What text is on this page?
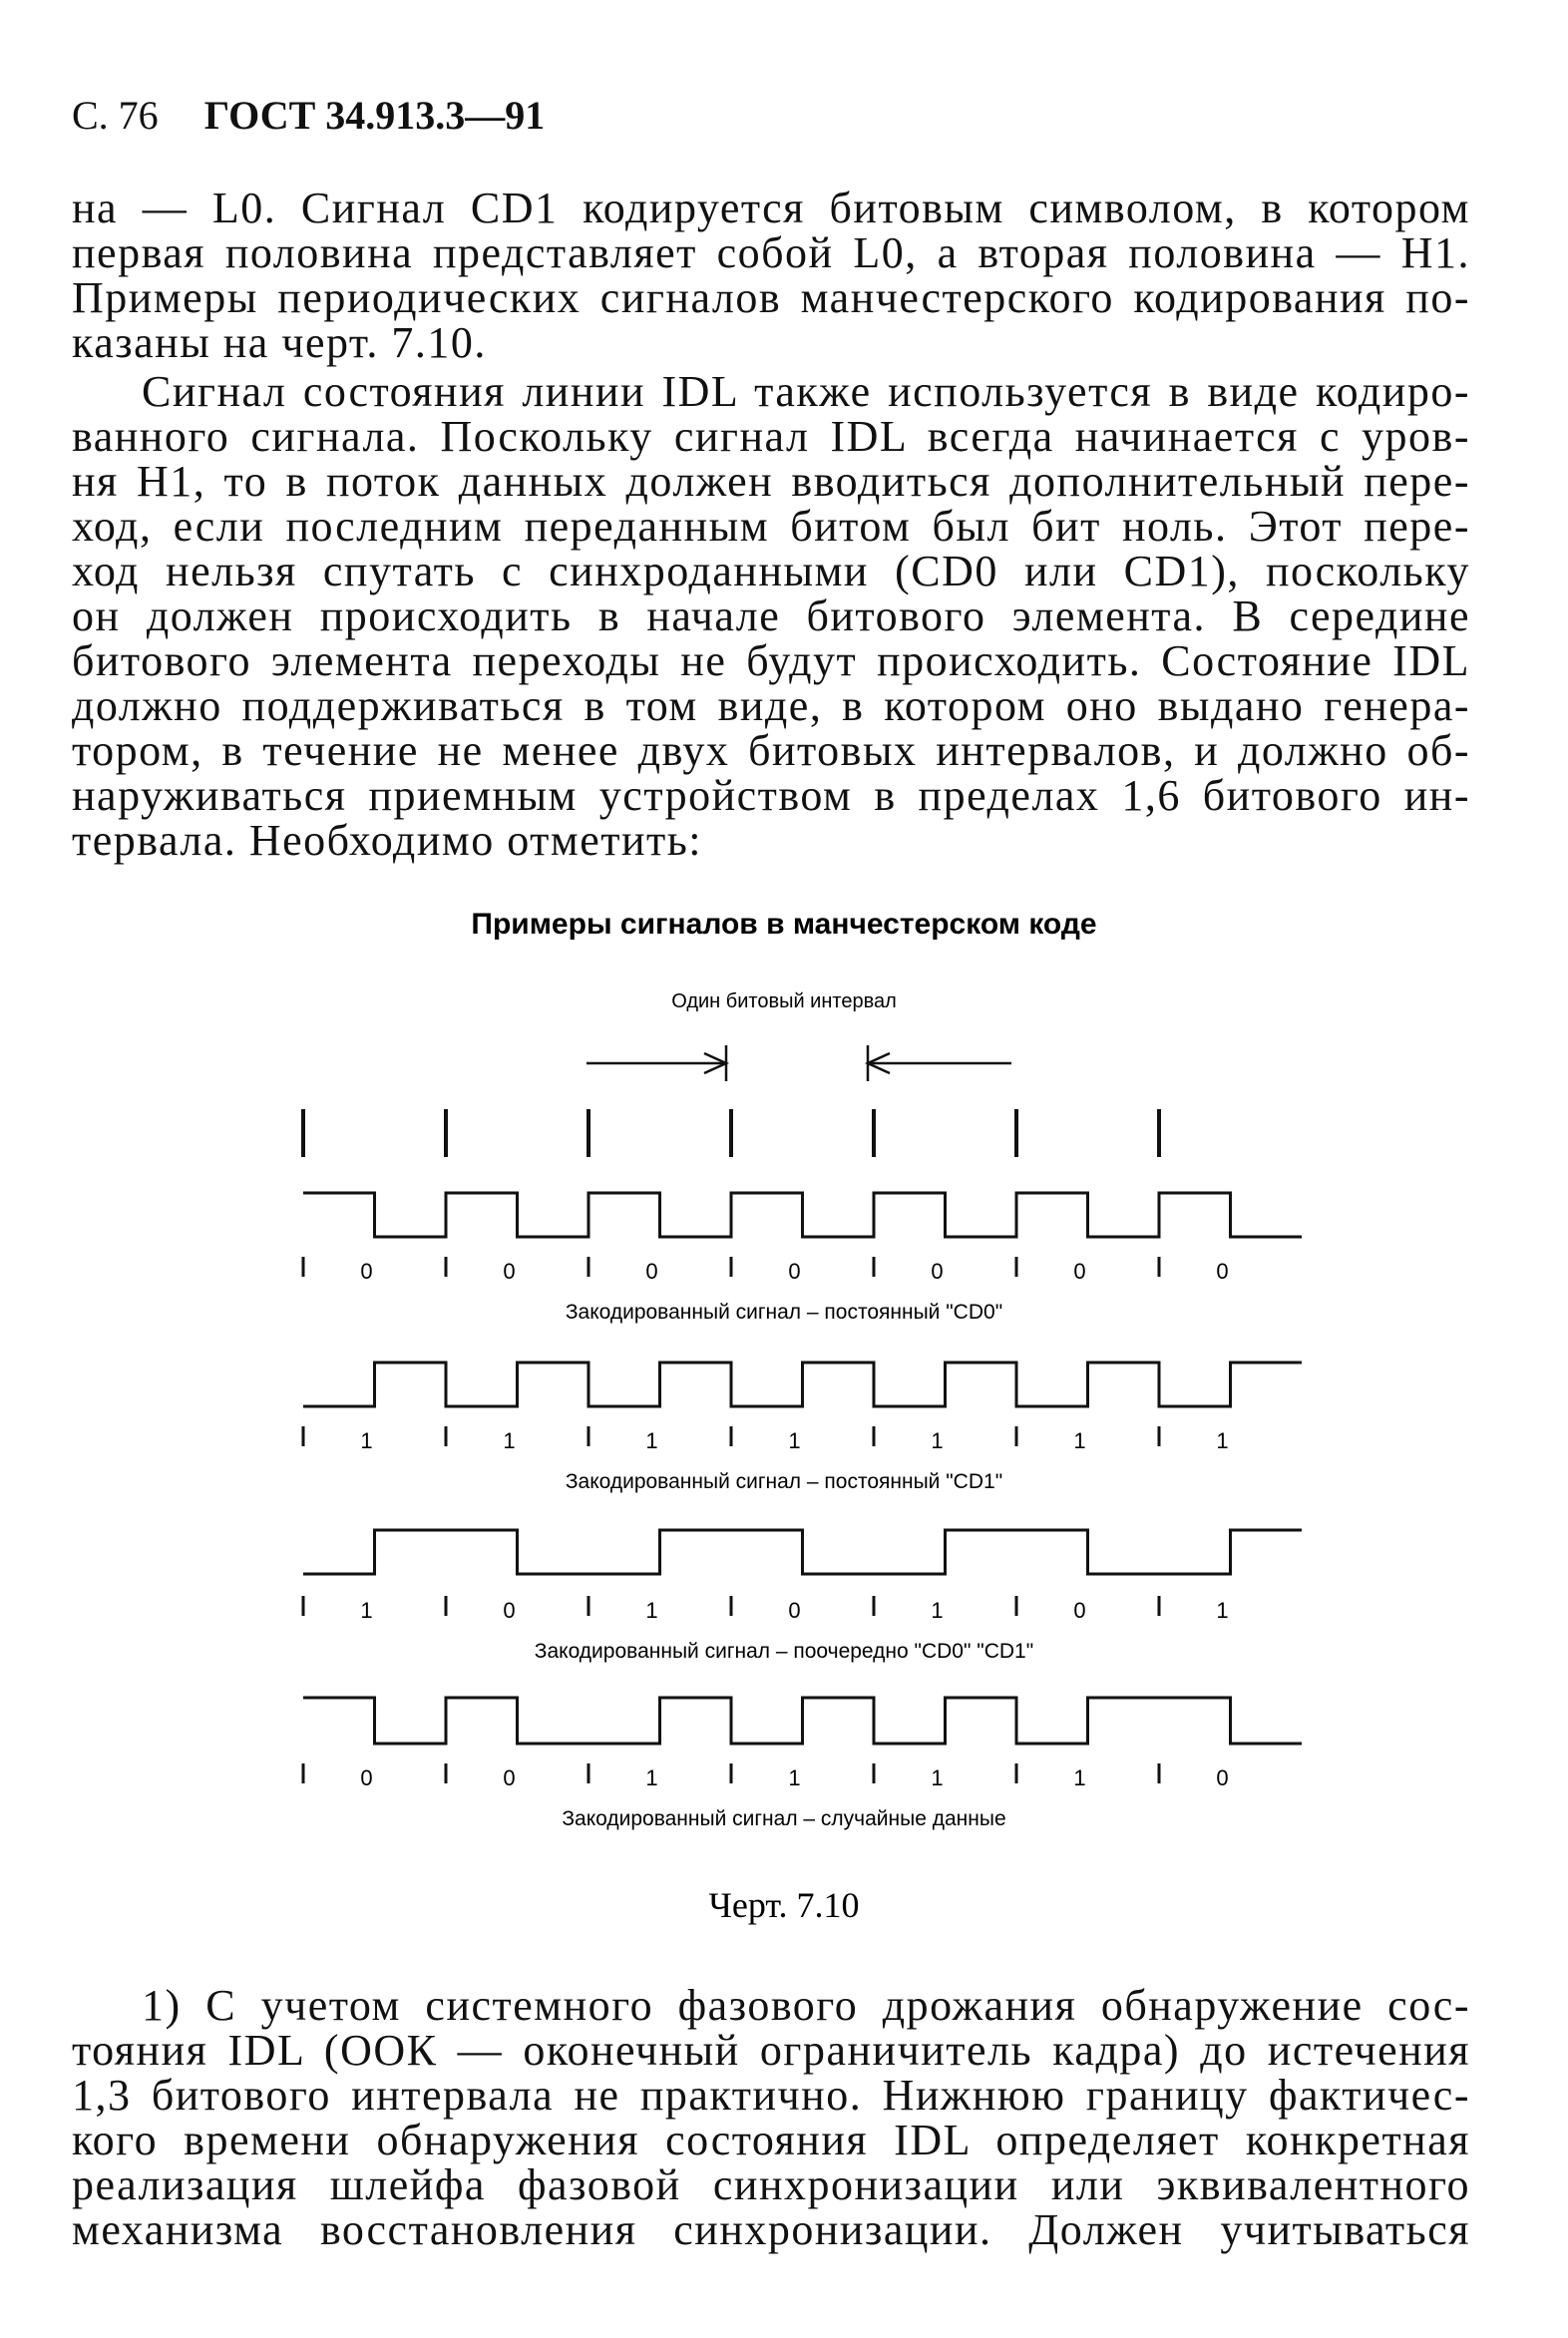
С. 76 ГОСТ 34.913.3—91
на — L0. Сигнал CD1 кодируется битовым символом, в котором
первая половина представляет собой L0, а вторая половина — H1.
Примеры периодических сигналов манчестерского кодирования по-
казаны на черт. 7.10.
Сигнал состояния линии IDL также используется в виде кодиро-
ванного сигнала. Поскольку сигнал IDL всегда начинается с уров-
ня H1, то в поток данных должен вводиться дополнительный пере-
ход, если последним переданным битом был бит ноль. Этот пере-
ход нельзя спутать с синхроданными (CD0 или CD1), поскольку
он должен происходить в начале битового элемента. В середине
битового элемента переходы не будут происходить. Состояние IDL
должно поддерживаться в том виде, в котором оно выдано генера-
тором, в течение не менее двух битовых интервалов, и должно об-
наруживаться приемным устройством в пределах 1,6 битового ин-
тервала. Необходимо отметить:
Примеры сигналов в манчестерском коде
Один битовый интервал
0	0	0	0	0	0	0
Закодированный сигнал – постоянный "CD0"
1	1	1	1	1	1	1
Закодированный сигнал – постоянный "CD1"
1	0	1	0	1	0	1
Закодированный сигнал – поочередно "CD0" "CD1"
0	0	1	1	1	1	0
Закодированный сигнал – случайные данные
Черт. 7.10
1) С учетом системного фазового дрожания обнаружение сос-
тояния IDL (ООК — оконечный ограничитель кадра) до истечения
1,3 битового интервала не практично. Нижнюю границу фактичес-
кого времени обнаружения состояния IDL определяет конкретная
реализация шлейфа фазовой синхронизации или эквивалентного
механизма восстановления синхронизации. Должен учитываться
